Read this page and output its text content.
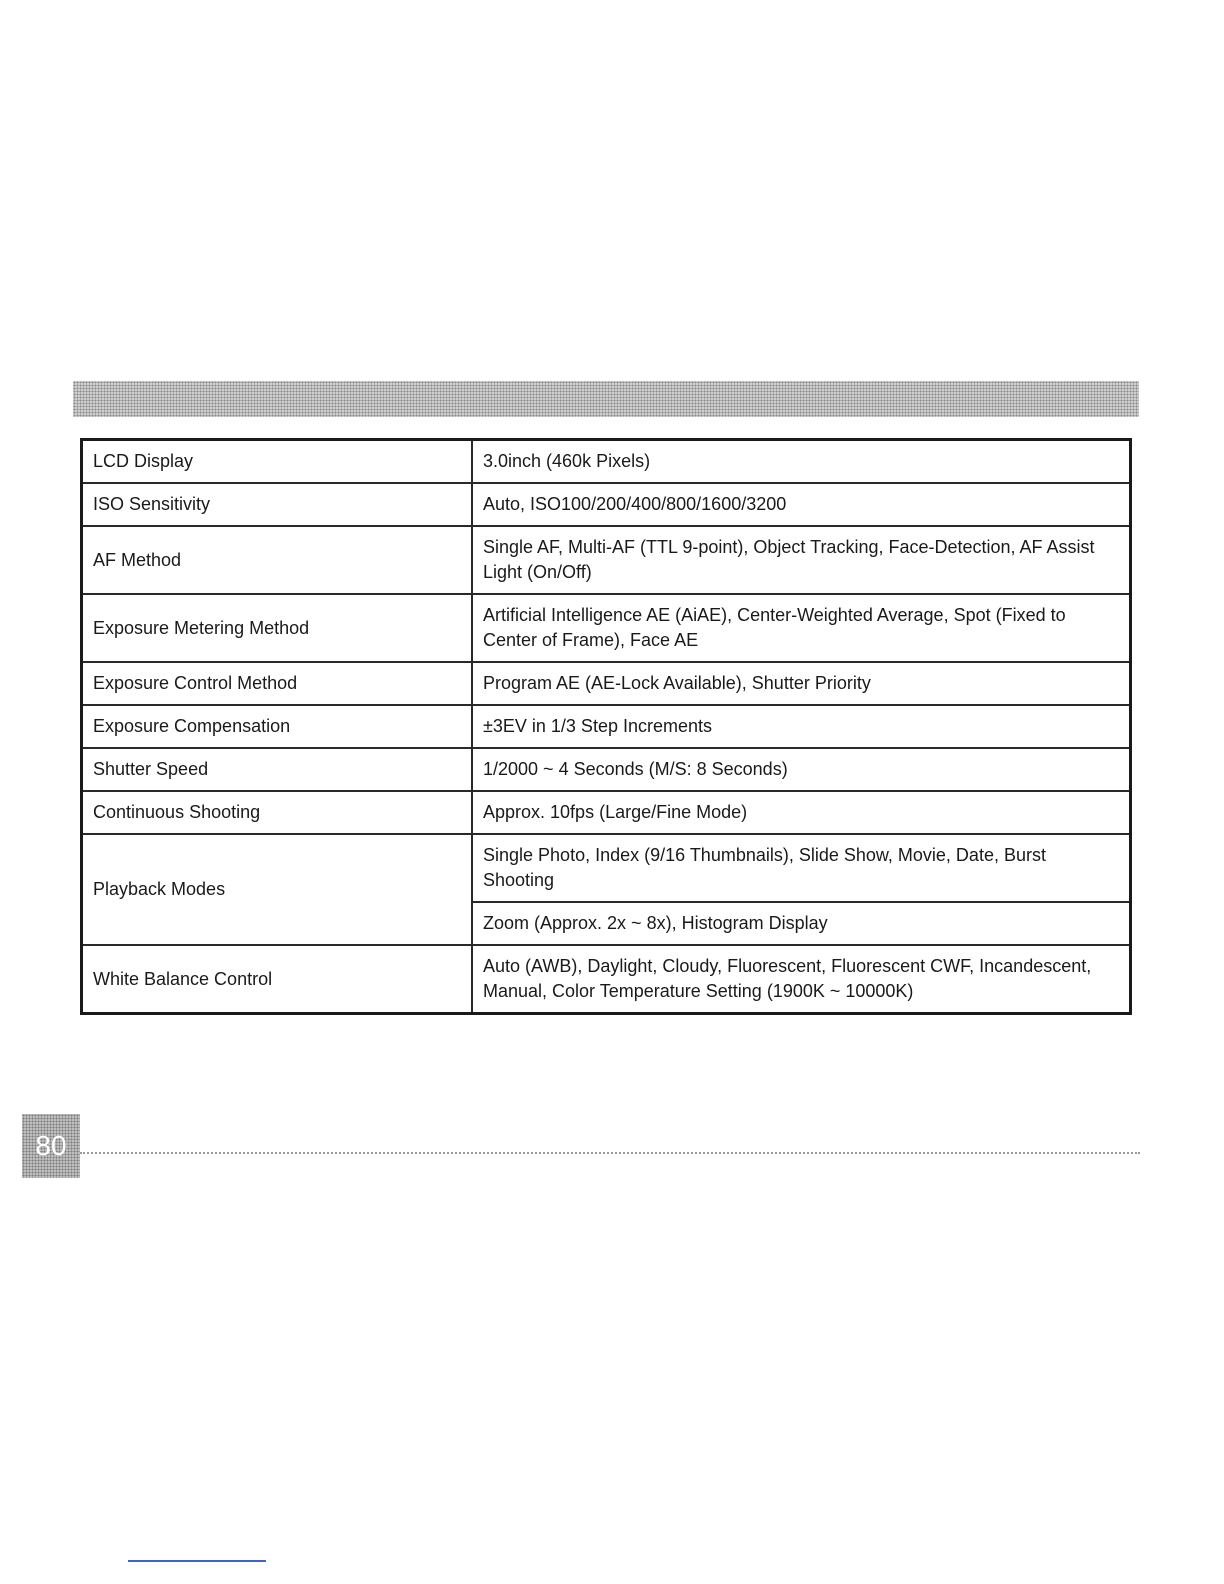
LCD Display	3.0inch (460k Pixels)
ISO Sensitivity	Auto, ISO100/200/400/800/1600/3200
AF Method	Single AF, Multi-AF (TTL 9-point), Object Tracking, Face-Detection, AF Assist Light (On/Off)
Exposure Metering Method	Artificial Intelligence AE (AiAE), Center-Weighted Average, Spot (Fixed to Center of Frame), Face AE
Exposure Control Method	Program AE (AE-Lock Available), Shutter Priority
Exposure Compensation	±3EV in 1/3 Step Increments
Shutter Speed	1/2000 ~ 4 Seconds (M/S: 8 Seconds)
Continuous Shooting	Approx. 10fps (Large/Fine Mode)
Playback Modes	Single Photo, Index (9/16 Thumbnails), Slide Show, Movie, Date, Burst Shooting
	Zoom (Approx. 2x ~ 8x), Histogram Display
White Balance Control	Auto (AWB), Daylight, Cloudy, Fluorescent, Fluorescent CWF, Incandescent, Manual, Color Temperature Setting (1900K ~ 10000K)
80
